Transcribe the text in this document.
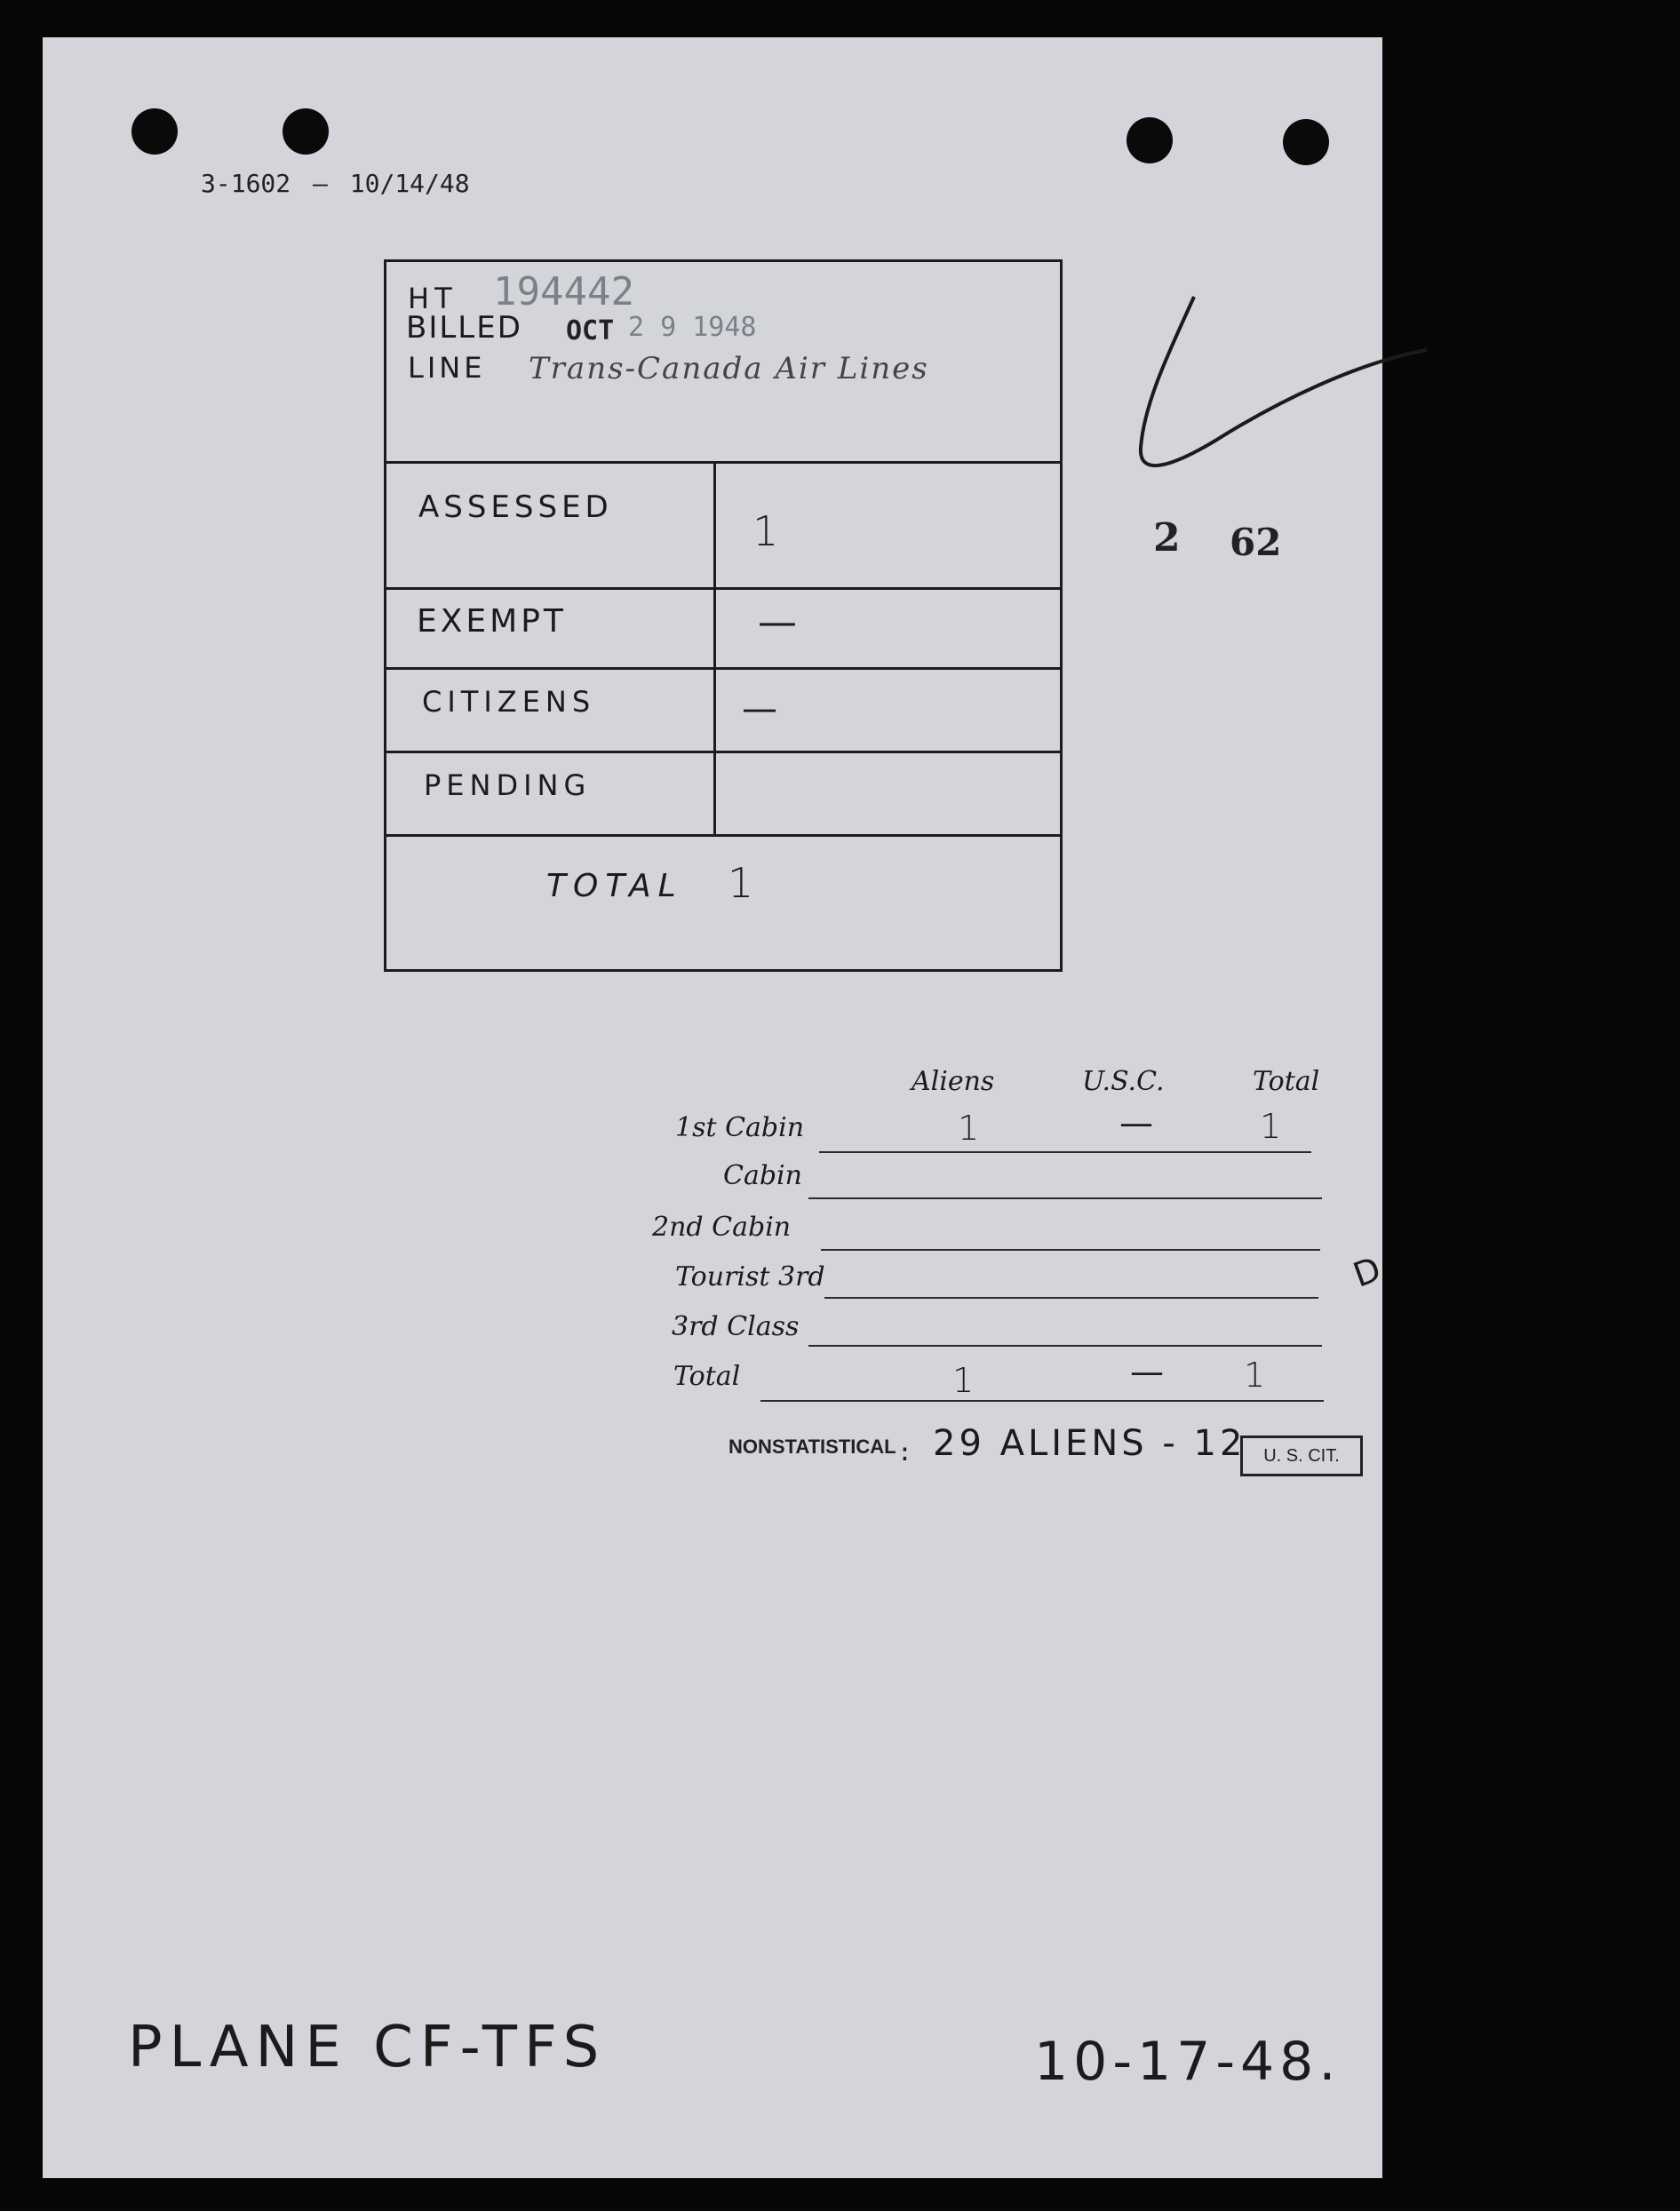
3-1602 — 10/14/48
HT 194442
BILLED OCT 2 9 1948
LINE Trans-Canada Air Lines
ASSESSED	1
EXEMPT	—
CITIZENS	—
PENDING
TOTAL 1
2 62
Aliens	U.S.C.	Total
1st Cabin	1	—	1
Cabin
2nd Cabin
Tourist 3rd
3rd Class
Total	1	— 1
NONSTATISTICAL : 29 ALIENS - 12 U. S. CIT.
D
PLANE CF-TFS	10-17-48.
